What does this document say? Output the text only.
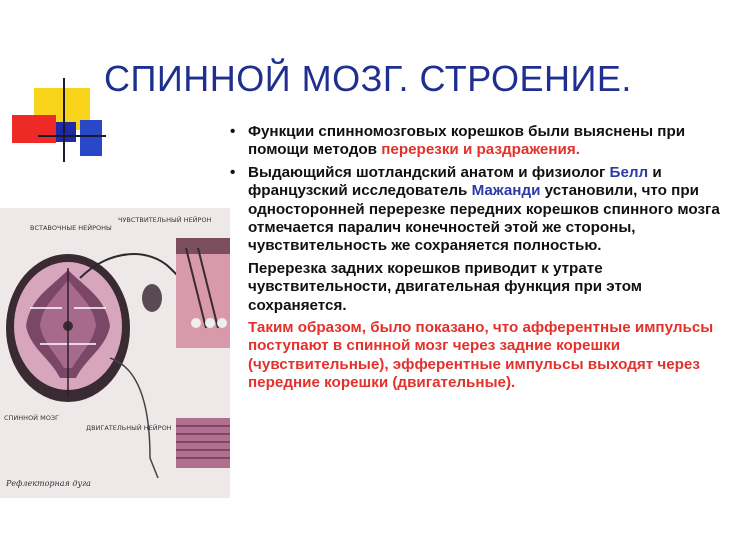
СПИННОЙ МОЗГ. СТРОЕНИЕ.

• Функции спинномозговых корешков были выяснены при помощи методов перерезки и раздражения.

• Выдающийся шотландский анатом и физиолог Белл и французский исследователь Мажанди установили, что при односторонней перерезке передних корешков спинного мозга отмечается паралич конечностей этой же стороны, чувствительность же сохраняется полностью.

Перерезка задних корешков приводит к утрате чувствительности, двигательная функция при этом сохраняется.

Таким образом, было показано, что афферентные импульсы поступают в спинной мозг через задние корешки (чувствительные), эфферентные импульсы выходят через передние корешки (двигательные).

ВСТАВОЧНЫЕ НЕЙРОНЫ
ЧУВСТВИТЕЛЬНЫЙ НЕЙРОН
СПИННОЙ МОЗГ
ДВИГАТЕЛЬНЫЙ НЕЙРОН
Рефлекторная дуга
